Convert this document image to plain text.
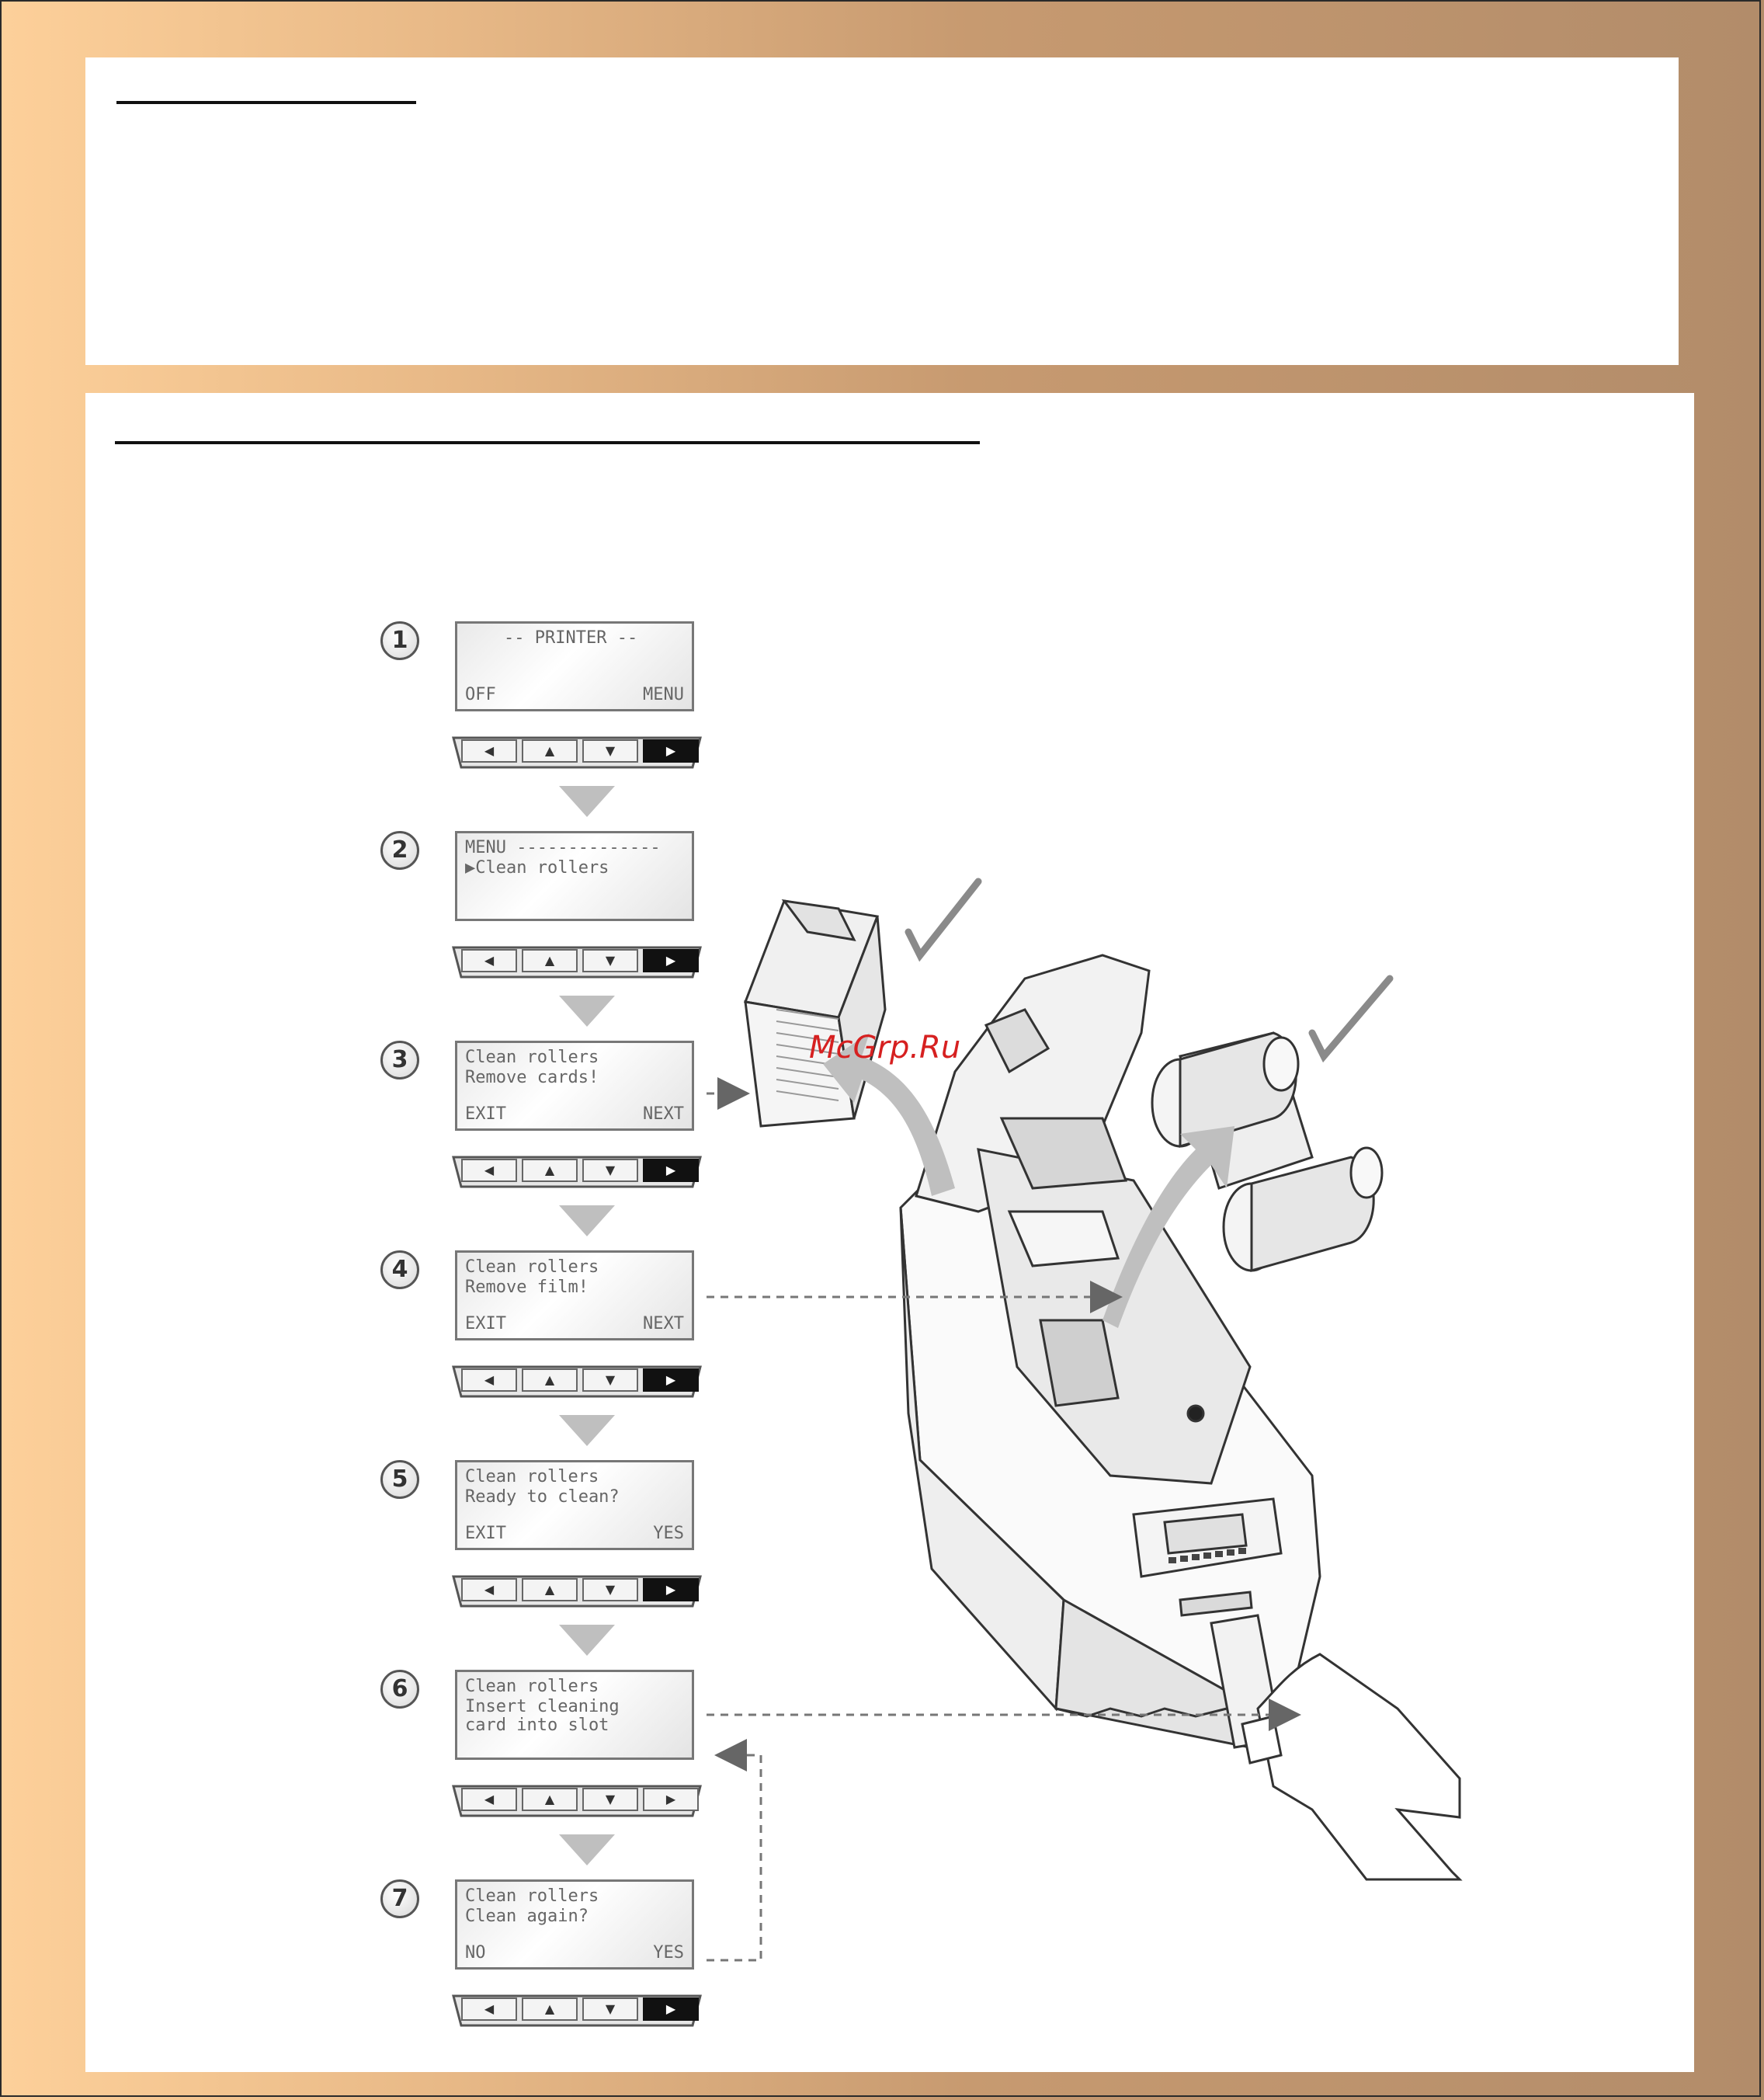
McGrp.Ru
1	-- PRINTER --
OFF	MENU
◀	▲	▼	▶
2	MENU --------------
▶Clean rollers
◀	▲	▼	▶
3	Clean rollers
Remove cards!
EXIT	NEXT
◀	▲	▼	▶
4	Clean rollers
Remove film!
EXIT	NEXT
◀	▲	▼	▶
5	Clean rollers
Ready to clean?
EXIT	YES
◀	▲	▼	▶
6	Clean rollers
Insert cleaning
card into slot
◀	▲	▼	▶
7	Clean rollers
Clean again?
NO	YES
◀	▲	▼	▶
